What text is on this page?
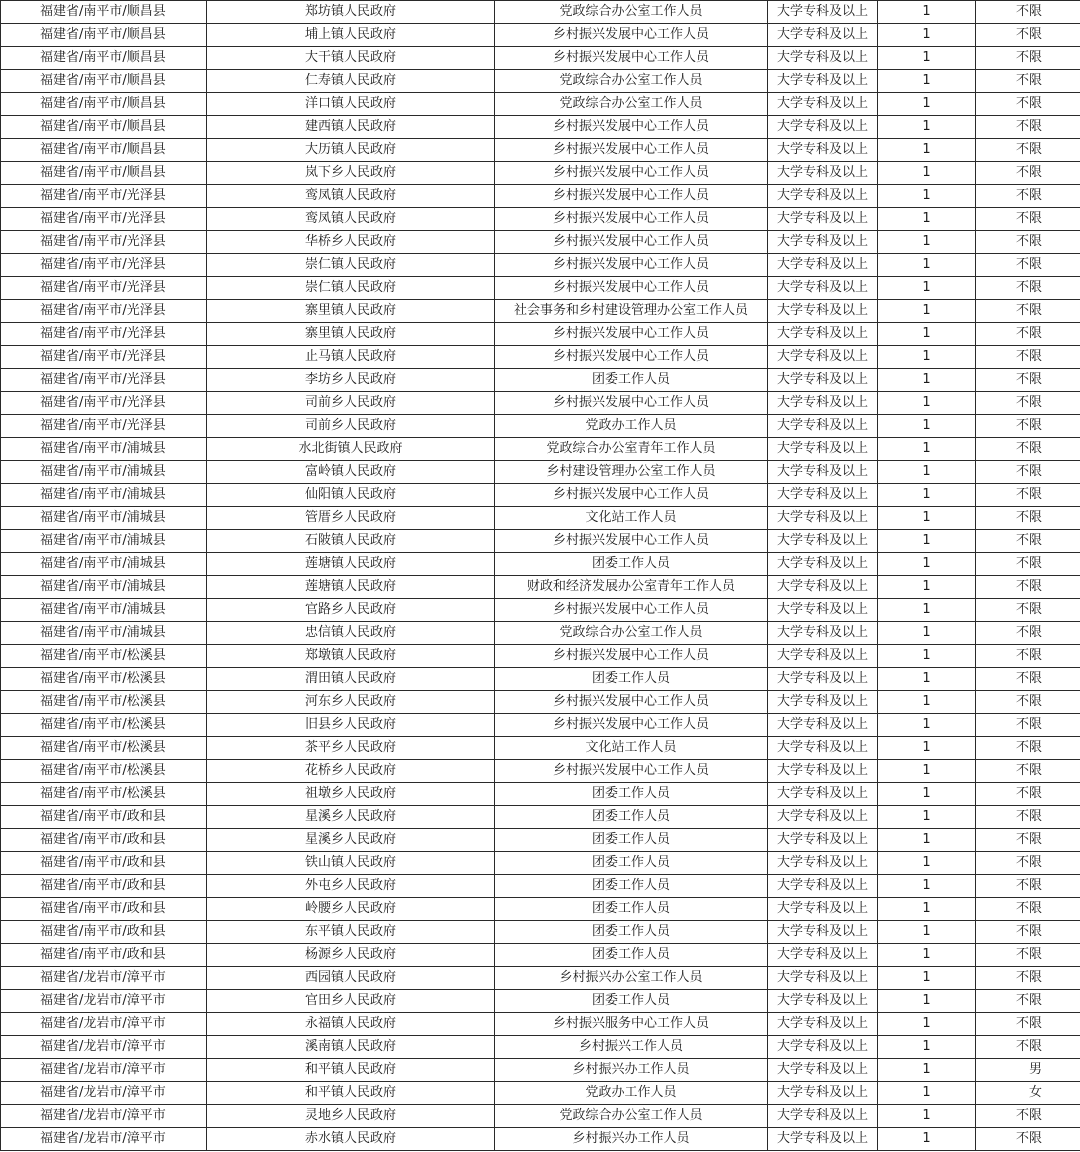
福建省/南平市/顺昌县	郑坊镇人民政府	党政综合办公室工作人员	大学专科及以上	1	不限
福建省/南平市/顺昌县	埔上镇人民政府	乡村振兴发展中心工作人员	大学专科及以上	1	不限
福建省/南平市/顺昌县	大干镇人民政府	乡村振兴发展中心工作人员	大学专科及以上	1	不限
福建省/南平市/顺昌县	仁寿镇人民政府	党政综合办公室工作人员	大学专科及以上	1	不限
福建省/南平市/顺昌县	洋口镇人民政府	党政综合办公室工作人员	大学专科及以上	1	不限
福建省/南平市/顺昌县	建西镇人民政府	乡村振兴发展中心工作人员	大学专科及以上	1	不限
福建省/南平市/顺昌县	大历镇人民政府	乡村振兴发展中心工作人员	大学专科及以上	1	不限
福建省/南平市/顺昌县	岚下乡人民政府	乡村振兴发展中心工作人员	大学专科及以上	1	不限
福建省/南平市/光泽县	鸾凤镇人民政府	乡村振兴发展中心工作人员	大学专科及以上	1	不限
福建省/南平市/光泽县	鸾凤镇人民政府	乡村振兴发展中心工作人员	大学专科及以上	1	不限
福建省/南平市/光泽县	华桥乡人民政府	乡村振兴发展中心工作人员	大学专科及以上	1	不限
福建省/南平市/光泽县	崇仁镇人民政府	乡村振兴发展中心工作人员	大学专科及以上	1	不限
福建省/南平市/光泽县	崇仁镇人民政府	乡村振兴发展中心工作人员	大学专科及以上	1	不限
福建省/南平市/光泽县	寨里镇人民政府	社会事务和乡村建设管理办公室工作人员	大学专科及以上	1	不限
福建省/南平市/光泽县	寨里镇人民政府	乡村振兴发展中心工作人员	大学专科及以上	1	不限
福建省/南平市/光泽县	止马镇人民政府	乡村振兴发展中心工作人员	大学专科及以上	1	不限
福建省/南平市/光泽县	李坊乡人民政府	团委工作人员	大学专科及以上	1	不限
福建省/南平市/光泽县	司前乡人民政府	乡村振兴发展中心工作人员	大学专科及以上	1	不限
福建省/南平市/光泽县	司前乡人民政府	党政办工作人员	大学专科及以上	1	不限
福建省/南平市/浦城县	水北街镇人民政府	党政综合办公室青年工作人员	大学专科及以上	1	不限
福建省/南平市/浦城县	富岭镇人民政府	乡村建设管理办公室工作人员	大学专科及以上	1	不限
福建省/南平市/浦城县	仙阳镇人民政府	乡村振兴发展中心工作人员	大学专科及以上	1	不限
福建省/南平市/浦城县	管厝乡人民政府	文化站工作人员	大学专科及以上	1	不限
福建省/南平市/浦城县	石陂镇人民政府	乡村振兴发展中心工作人员	大学专科及以上	1	不限
福建省/南平市/浦城县	莲塘镇人民政府	团委工作人员	大学专科及以上	1	不限
福建省/南平市/浦城县	莲塘镇人民政府	财政和经济发展办公室青年工作人员	大学专科及以上	1	不限
福建省/南平市/浦城县	官路乡人民政府	乡村振兴发展中心工作人员	大学专科及以上	1	不限
福建省/南平市/浦城县	忠信镇人民政府	党政综合办公室工作人员	大学专科及以上	1	不限
福建省/南平市/松溪县	郑墩镇人民政府	乡村振兴发展中心工作人员	大学专科及以上	1	不限
福建省/南平市/松溪县	渭田镇人民政府	团委工作人员	大学专科及以上	1	不限
福建省/南平市/松溪县	河东乡人民政府	乡村振兴发展中心工作人员	大学专科及以上	1	不限
福建省/南平市/松溪县	旧县乡人民政府	乡村振兴发展中心工作人员	大学专科及以上	1	不限
福建省/南平市/松溪县	茶平乡人民政府	文化站工作人员	大学专科及以上	1	不限
福建省/南平市/松溪县	花桥乡人民政府	乡村振兴发展中心工作人员	大学专科及以上	1	不限
福建省/南平市/松溪县	祖墩乡人民政府	团委工作人员	大学专科及以上	1	不限
福建省/南平市/政和县	星溪乡人民政府	团委工作人员	大学专科及以上	1	不限
福建省/南平市/政和县	星溪乡人民政府	团委工作人员	大学专科及以上	1	不限
福建省/南平市/政和县	铁山镇人民政府	团委工作人员	大学专科及以上	1	不限
福建省/南平市/政和县	外屯乡人民政府	团委工作人员	大学专科及以上	1	不限
福建省/南平市/政和县	岭腰乡人民政府	团委工作人员	大学专科及以上	1	不限
福建省/南平市/政和县	东平镇人民政府	团委工作人员	大学专科及以上	1	不限
福建省/南平市/政和县	杨源乡人民政府	团委工作人员	大学专科及以上	1	不限
福建省/龙岩市/漳平市	西园镇人民政府	乡村振兴办公室工作人员	大学专科及以上	1	不限
福建省/龙岩市/漳平市	官田乡人民政府	团委工作人员	大学专科及以上	1	不限
福建省/龙岩市/漳平市	永福镇人民政府	乡村振兴服务中心工作人员	大学专科及以上	1	不限
福建省/龙岩市/漳平市	溪南镇人民政府	乡村振兴工作人员	大学专科及以上	1	不限
福建省/龙岩市/漳平市	和平镇人民政府	乡村振兴办工作人员	大学专科及以上	1	男
福建省/龙岩市/漳平市	和平镇人民政府	党政办工作人员	大学专科及以上	1	女
福建省/龙岩市/漳平市	灵地乡人民政府	党政综合办公室工作人员	大学专科及以上	1	不限
福建省/龙岩市/漳平市	赤水镇人民政府	乡村振兴办工作人员	大学专科及以上	1	不限
